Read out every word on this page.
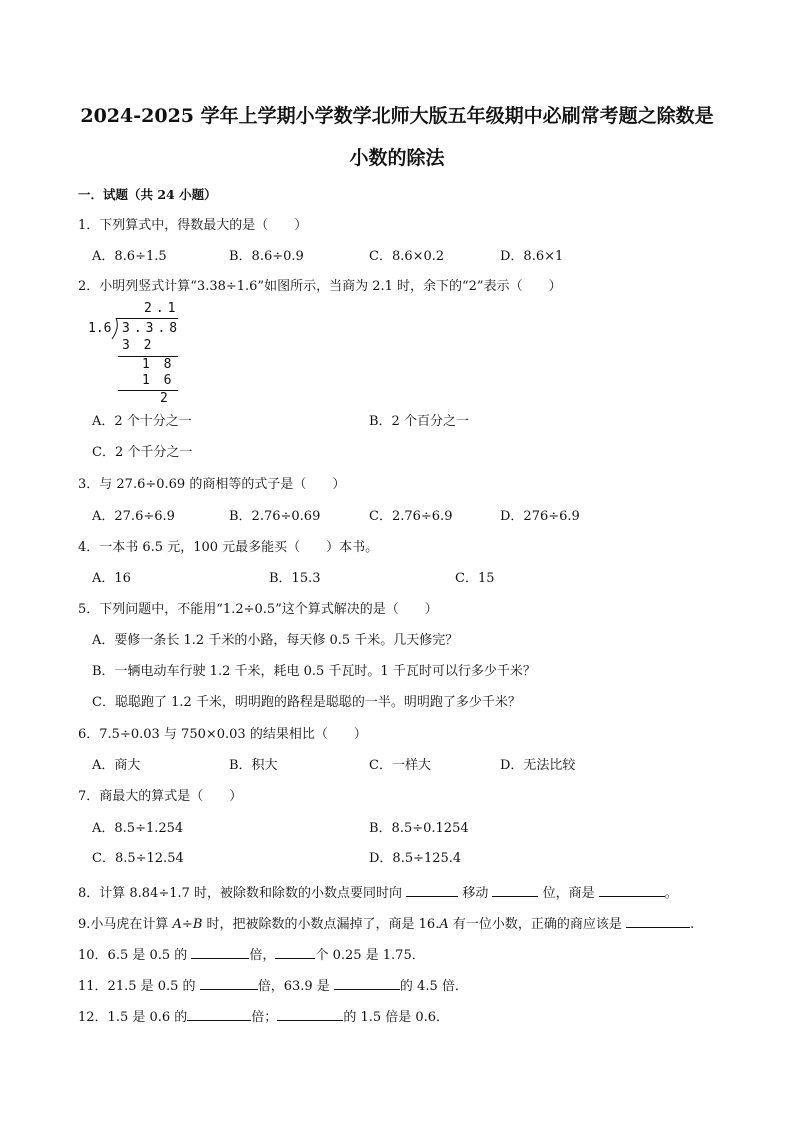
2024-2025 学年上学期小学数学北师大版五年级期中必刷常考题之除数是
小数的除法
一．试题（共 24 小题）
1．下列算式中，得数最大的是（　　）
A．8.6÷1.5	B．8.6÷0.9	C．8.6×0.2	D．8.6×1
2．小明列竖式计算“3.38÷1.6”如图所示，当商为 2.1 时，余下的“2”表示（　　）
2.1
1.6 3.3.8
3 2
1 8
1 6
2
A．2 个十分之一	B．2 个百分之一
C．2 个千分之一
3．与 27.6÷0.69 的商相等的式子是（　　）
A．27.6÷6.9	B．2.76÷0.69	C．2.76÷6.9	D．276÷6.9
4．一本书 6.5 元，100 元最多能买（　　）本书。
A．16	B．15.3	C．15
5．下列问题中，不能用“1.2÷0.5”这个算式解决的是（　　）
A．要修一条长 1.2 千米的小路，每天修 0.5 千米。几天修完？
B．一辆电动车行驶 1.2 千米，耗电 0.5 千瓦时。1 千瓦时可以行多少千米？
C．聪聪跑了 1.2 千米，明明跑的路程是聪聪的一半。明明跑了多少千米？
6．7.5÷0.03 与 750×0.03 的结果相比（　　）
A．商大	B．积大	C．一样大	D．无法比较
7．商最大的算式是（　　）
A．8.5÷1.254	B．8.5÷0.1254
C．8.5÷12.54	D．8.5÷125.4
8．计算 8.84÷1.7 时，被除数和除数的小数点要同时向	移动	位，商是	。
9.小马虎在计算 A÷B 时，把被除数的小数点漏掉了，商是 16.A 有一位小数，正确的商应该是	.
10．6.5 是 0.5 的	倍，	个 0.25 是 1.75．
11．21.5 是 0.5 的	倍，63.9 是	的 4.5 倍．
12．1.5 是 0.6 的	倍；	的 1.5 倍是 0.6．
